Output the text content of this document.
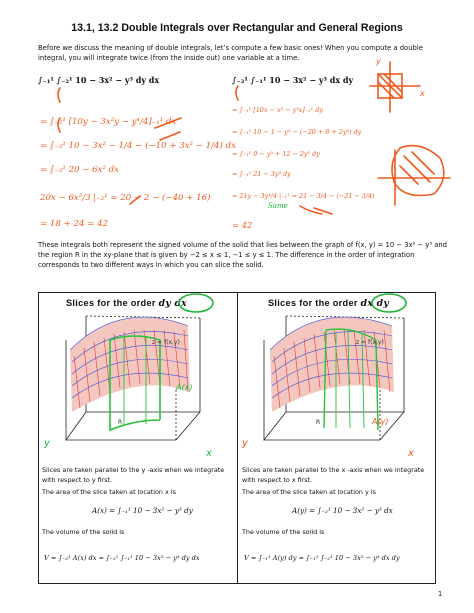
13.1, 13.2 Double Integrals over Rectangular and General Regions
Before we discuss the meaning of double integrals, let’s compute a few basic ones! When you compute a double integral, you will integrate twice (from the inside out) one variable at a time.
∫₋₁¹ ∫₋₂¹ 10 − 3x² − y³ dy dx	∫₋₂¹ ∫₋₁¹ 10 − 3x² − y³ dx dy
= ∫₋₂¹ [10y − 3x²y − y⁴/4]₋₁¹ dx
= ∫₋₂¹ 10 − 3x² − 1/4 − (−10 + 3x² − 1/4) dx
= ∫₋₂¹ 20 − 6x² dx
20x − 6x³/3 |₋₂¹ = 20 − 2 − (−40 + 16)
= 18 + 24 = 42
= ∫₋₁¹ [10x − x³ − y³x]₋₂¹ dy
= ∫₋₁¹ 10 − 1 − y³ − (−20 + 8 + 2y³) dy
= ∫₋₁¹ 9 − y³ + 12 − 2y³ dy
= ∫₋₁¹ 21 − 3y³ dy
= 21y − 3y⁴/4 |₋₁¹ = 21 − 3/4 − (−21 − 3/4)
= 42
Same
y
x
These integrals both represent the signed volume of the solid that lies between the graph of f(x, y) = 10 − 3x² − y³ and the region R in the xy-plane that is given by −2 ≤ x ≤ 1, −1 ≤ y ≤ 1. The difference in the order of integration corresponds to two different ways in which you can slice the solid.
Slices for the order dy dx	Slices for the order dx dy
R
z = f(x,y)
A(x)
y
x
R
z = f(x,y)
A(y)
y
x
Slices are taken parallel to the y -axis when we integrate with respect to y first.
The area of the slice taken at location x is
A(x) = ∫₋₁¹ 10 − 3x² − y³ dy
The volume of the solid is
V = ∫₋₂¹ A(x) dx = ∫₋₂¹ ∫₋₁¹ 10 − 3x² − y³ dy dx
Slices are taken parallel to the x -axis when we integrate with respect to x first.
The area of the slice taken at location y is
A(y) = ∫₋₂¹ 10 − 3x² − y³ dx
The volume of the solid is
V = ∫₋₁¹ A(y) dy = ∫₋₁¹ ∫₋₂¹ 10 − 3x² − y³ dx dy
1
